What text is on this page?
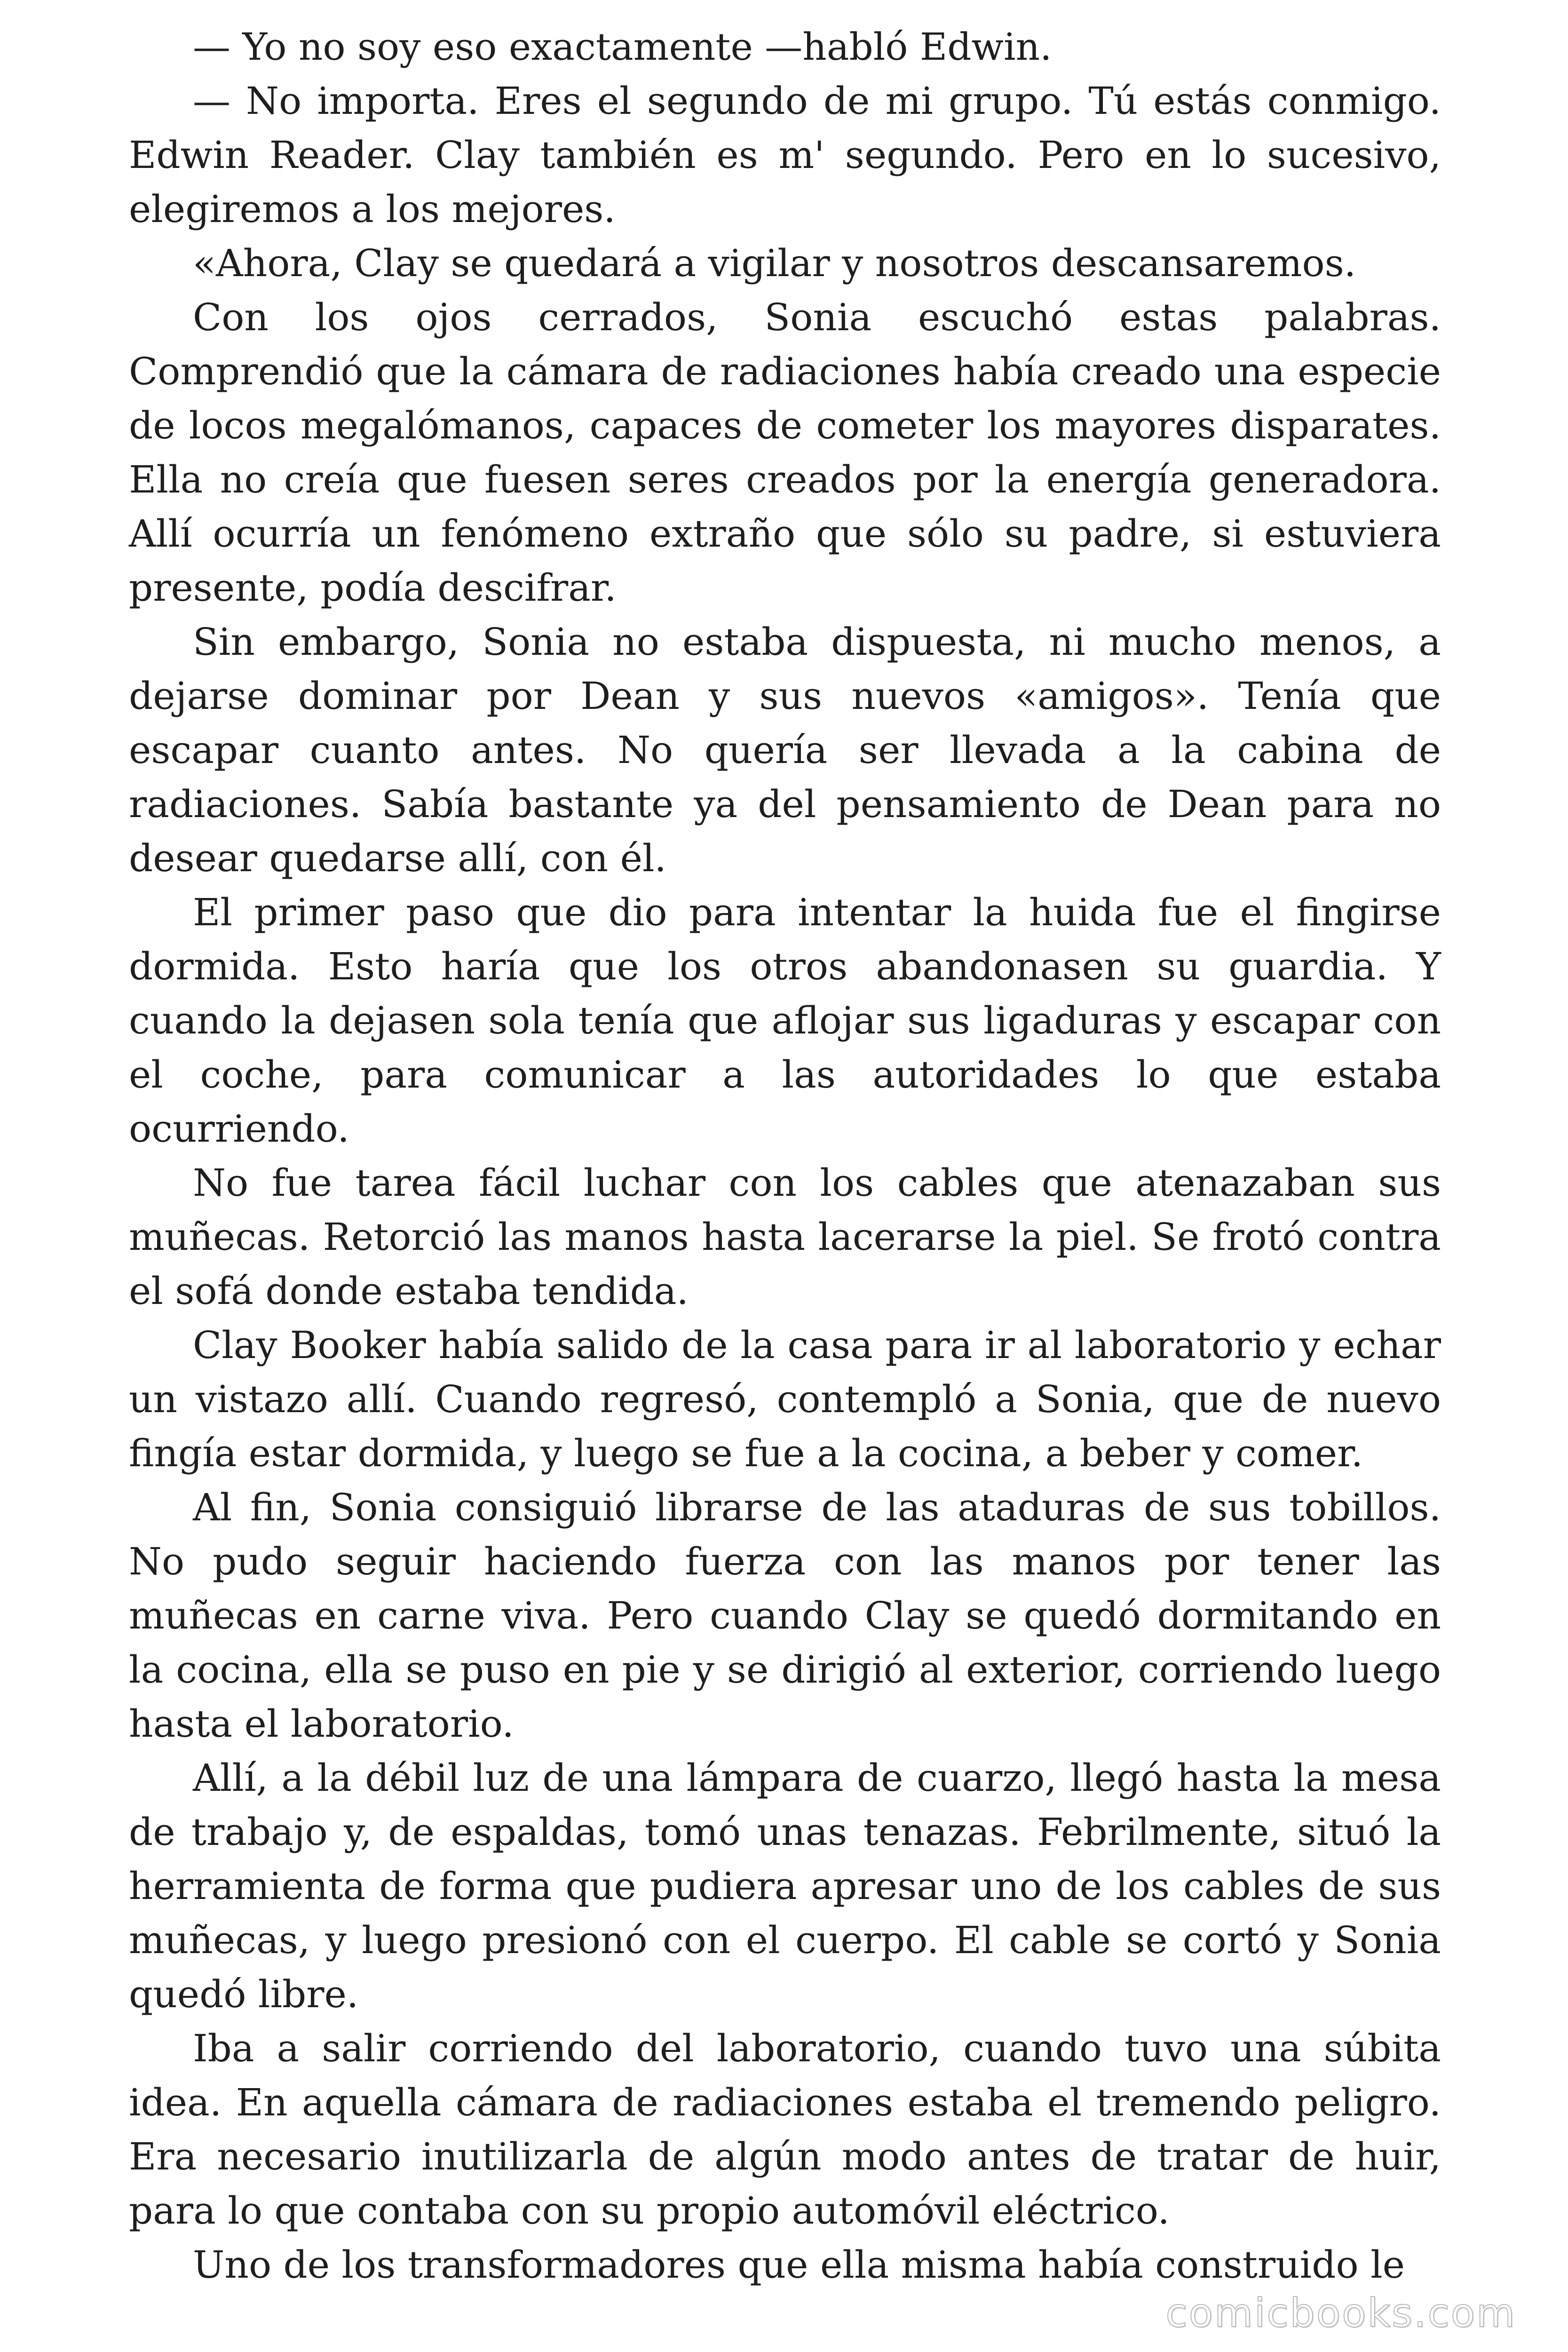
— Yo no soy eso exactamente —habló Edwin.

— No importa. Eres el segundo de mi grupo. Tú estás conmigo. Edwin Reader. Clay también es m' segundo. Pero en lo sucesivo, elegiremos a los mejores.

«Ahora, Clay se quedará a vigilar y nosotros descansaremos.

Con los ojos cerrados, Sonia escuchó estas palabras. Comprendió que la cámara de radiaciones había creado una especie de locos megalómanos, capaces de cometer los mayores disparates. Ella no creía que fuesen seres creados por la energía generadora. Allí ocurría un fenómeno extraño que sólo su padre, si estuviera presente, podía descifrar.

Sin embargo, Sonia no estaba dispuesta, ni mucho menos, a dejarse dominar por Dean y sus nuevos «amigos». Tenía que escapar cuanto antes. No quería ser llevada a la cabina de radiaciones. Sabía bastante ya del pensamiento de Dean para no desear quedarse allí, con él.

El primer paso que dio para intentar la huida fue el fingirse dormida. Esto haría que los otros abandonasen su guardia. Y cuando la dejasen sola tenía que aflojar sus ligaduras y escapar con el coche, para comunicar a las autoridades lo que estaba ocurriendo.

No fue tarea fácil luchar con los cables que atenazaban sus muñecas. Retorció las manos hasta lacerarse la piel. Se frotó contra el sofá donde estaba tendida.

Clay Booker había salido de la casa para ir al laboratorio y echar un vistazo allí. Cuando regresó, contempló a Sonia, que de nuevo fingía estar dormida, y luego se fue a la cocina, a beber y comer.

Al fin, Sonia consiguió librarse de las ataduras de sus tobillos. No pudo seguir haciendo fuerza con las manos por tener las muñecas en carne viva. Pero cuando Clay se quedó dormitando en la cocina, ella se puso en pie y se dirigió al exterior, corriendo luego hasta el laboratorio.

Allí, a la débil luz de una lámpara de cuarzo, llegó hasta la mesa de trabajo y, de espaldas, tomó unas tenazas. Febrilmente, situó la herramienta de forma que pudiera apresar uno de los cables de sus muñecas, y luego presionó con el cuerpo. El cable se cortó y Sonia quedó libre.

Iba a salir corriendo del laboratorio, cuando tuvo una súbita idea. En aquella cámara de radiaciones estaba el tremendo peligro. Era necesario inutilizarla de algún modo antes de tratar de huir, para lo que contaba con su propio automóvil eléctrico.

Uno de los transformadores que ella misma había construido le

comicbooks.com
